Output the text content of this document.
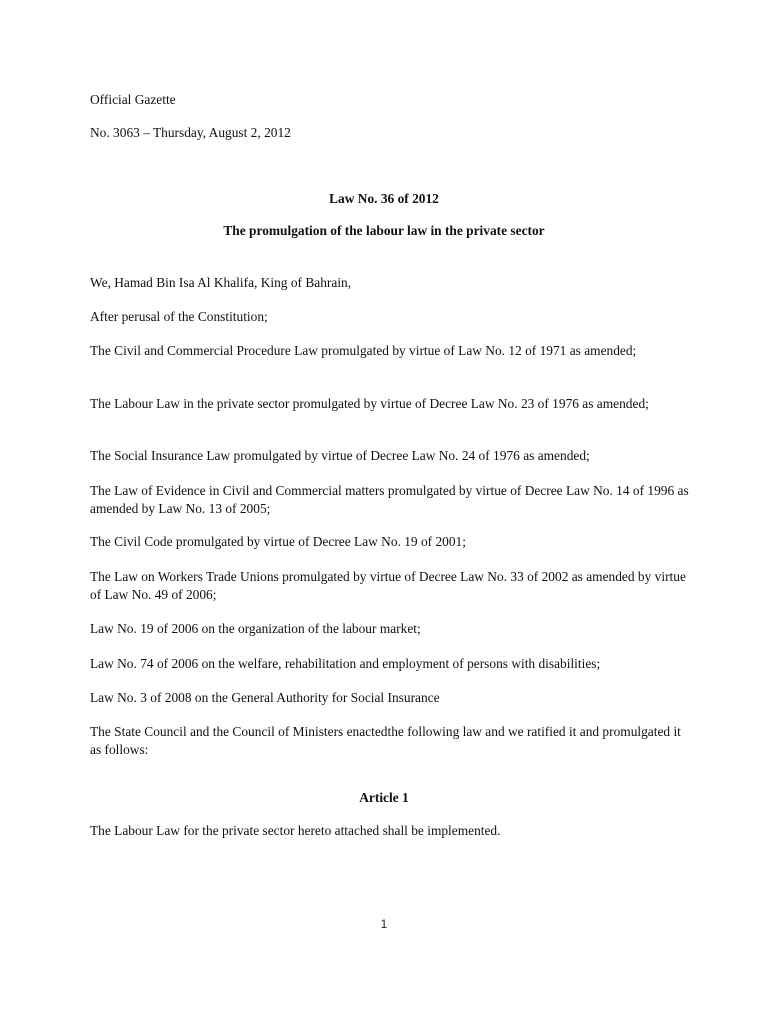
Official Gazette
No. 3063 – Thursday, August 2, 2012
Law No. 36 of 2012
The promulgation of the labour law in the private sector
We, Hamad Bin Isa Al Khalifa, King of Bahrain,
After perusal of the Constitution;
The Civil and Commercial Procedure Law promulgated by virtue of Law No. 12 of 1971 as amended;
The Labour Law in the private sector promulgated by virtue of Decree Law No. 23 of 1976 as amended;
The Social Insurance Law promulgated by virtue of Decree Law No. 24 of 1976 as amended;
The Law of Evidence in Civil and Commercial matters promulgated by virtue of Decree Law No. 14 of 1996 as amended by Law No. 13 of 2005;
The Civil Code promulgated by virtue of Decree Law No. 19 of 2001;
The Law on Workers Trade Unions promulgated by virtue of Decree Law No. 33 of 2002 as amended by virtue of Law No. 49 of 2006;
Law No. 19 of 2006 on the organization of the labour market;
Law No. 74 of 2006 on the welfare, rehabilitation and employment of persons with disabilities;
Law No. 3 of 2008 on the General Authority for Social Insurance
The State Council and the Council of Ministers enactedthe following law and we ratified it and promulgated it as follows:
Article 1
The Labour Law for the private sector hereto attached shall be implemented.
1
